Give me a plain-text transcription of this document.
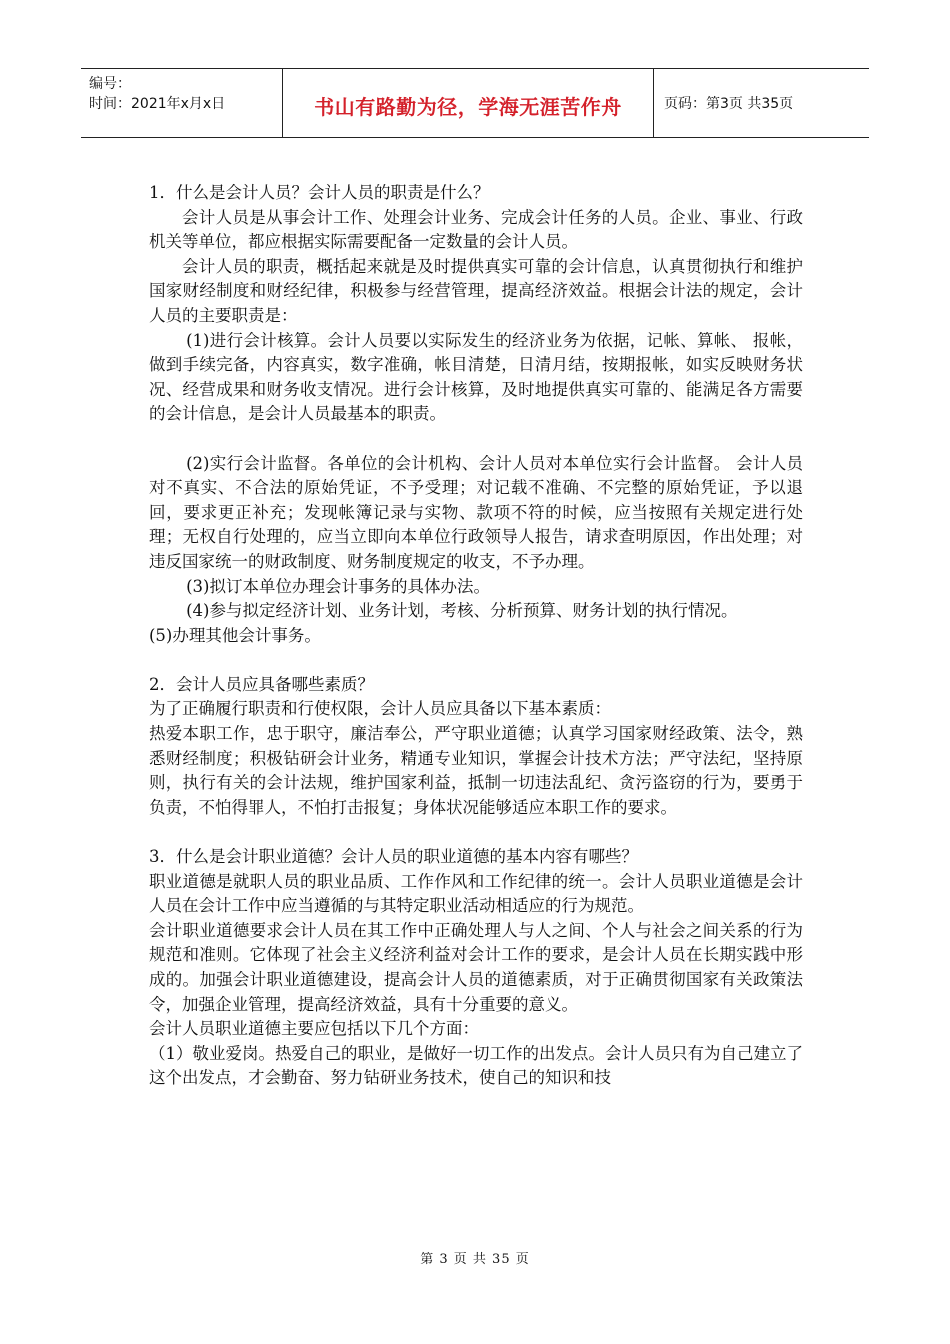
编号：
时间：2021年x月x日	书山有路勤为径，学海无涯苦作舟	页码：第3页 共35页

1．什么是会计人员？会计人员的职责是什么？

会计人员是从事会计工作、处理会计业务、完成会计任务的人员。企业、事业、行政机关等单位，都应根据实际需要配备一定数量的会计人员。

会计人员的职责，概括起来就是及时提供真实可靠的会计信息，认真贯彻执行和维护国家财经制度和财经纪律，积极参与经营管理，提高经济效益。根据会计法的规定，会计人员的主要职责是：

(1)进行会计核算。会计人员要以实际发生的经济业务为依据，记帐、算帐、 报帐，做到手续完备，内容真实，数字准确，帐目清楚，日清月结，按期报帐，如实反映财务状况、经营成果和财务收支情况。进行会计核算，及时地提供真实可靠的、能满足各方需要的会计信息，是会计人员最基本的职责。

(2)实行会计监督。各单位的会计机构、会计人员对本单位实行会计监督。 会计人员对不真实、不合法的原始凭证，不予受理；对记载不准确、不完整的原始凭证，予以退回，要求更正补充；发现帐簿记录与实物、款项不符的时候，应当按照有关规定进行处理；无权自行处理的，应当立即向本单位行政领导人报告，请求查明原因，作出处理；对违反国家统一的财政制度、财务制度规定的收支，不予办理。

(3)拟订本单位办理会计事务的具体办法。

(4)参与拟定经济计划、业务计划，考核、分析预算、财务计划的执行情况。

(5)办理其他会计事务。

2．会计人员应具备哪些素质？

为了正确履行职责和行使权限，会计人员应具备以下基本素质：

热爱本职工作，忠于职守，廉洁奉公，严守职业道德；认真学习国家财经政策、法令，熟悉财经制度；积极钻研会计业务，精通专业知识，掌握会计技术方法；严守法纪，坚持原则，执行有关的会计法规，维护国家利益，抵制一切违法乱纪、贪污盗窃的行为，要勇于负责，不怕得罪人，不怕打击报复；身体状况能够适应本职工作的要求。

3．什么是会计职业道德？会计人员的职业道德的基本内容有哪些？

职业道德是就职人员的职业品质、工作作风和工作纪律的统一。会计人员职业道德是会计人员在会计工作中应当遵循的与其特定职业活动相适应的行为规范。

会计职业道德要求会计人员在其工作中正确处理人与人之间、个人与社会之间关系的行为规范和准则。它体现了社会主义经济利益对会计工作的要求，是会计人员在长期实践中形成的。加强会计职业道德建设，提高会计人员的道德素质，对于正确贯彻国家有关政策法令，加强企业管理，提高经济效益，具有十分重要的意义。

会计人员职业道德主要应包括以下几个方面：

（1）敬业爱岗。热爱自己的职业，是做好一切工作的出发点。会计人员只有为自己建立了这个出发点，才会勤奋、努力钻研业务技术，使自己的知识和技

第 3 页 共 35 页
